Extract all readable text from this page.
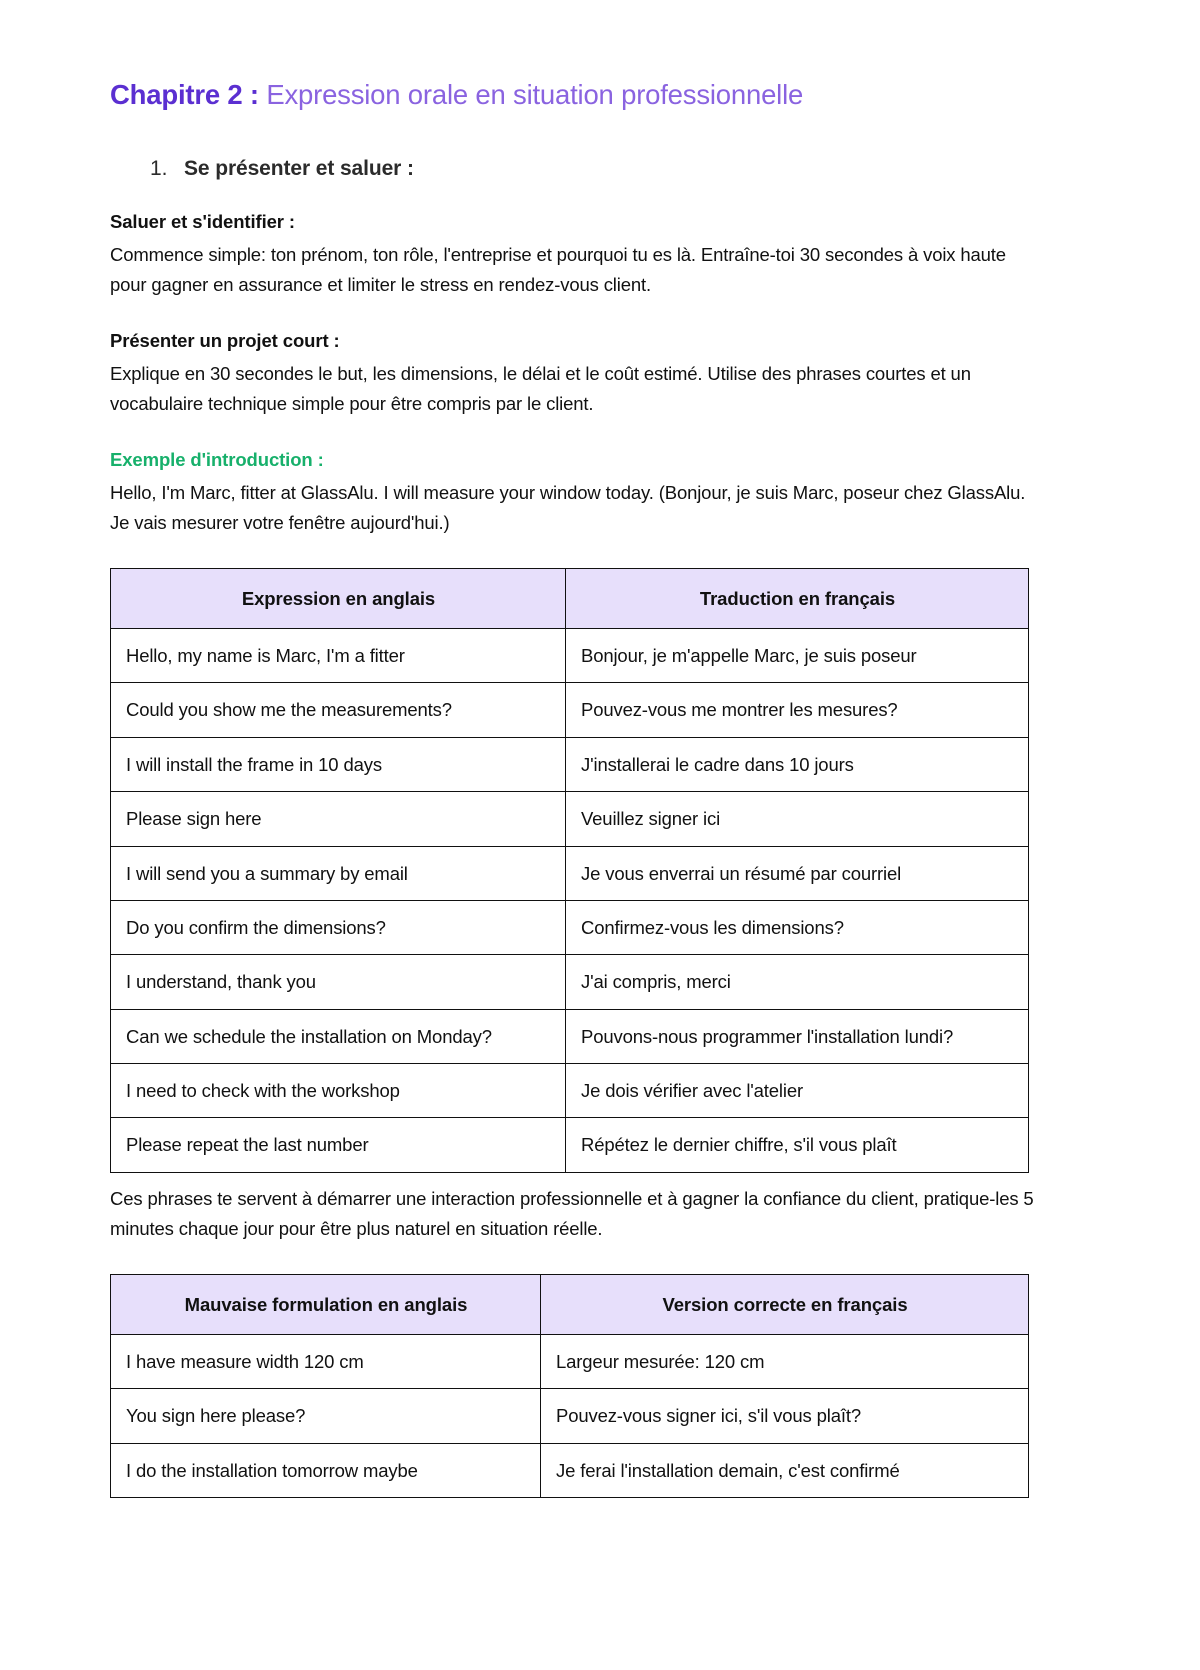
Chapitre 2 : Expression orale en situation professionnelle
1. Se présenter et saluer :
Saluer et s'identifier :

Commence simple: ton prénom, ton rôle, l'entreprise et pourquoi tu es là. Entraîne-toi 30 secondes à voix haute pour gagner en assurance et limiter le stress en rendez-vous client.

Présenter un projet court :

Explique en 30 secondes le but, les dimensions, le délai et le coût estimé. Utilise des phrases courtes et un vocabulaire technique simple pour être compris par le client.

Exemple d'introduction :

Hello, I'm Marc, fitter at GlassAlu. I will measure your window today. (Bonjour, je suis Marc, poseur chez GlassAlu. Je vais mesurer votre fenêtre aujourd'hui.)

Expression en anglais	Traduction en français
Hello, my name is Marc, I'm a fitter	Bonjour, je m'appelle Marc, je suis poseur
Could you show me the measurements?	Pouvez-vous me montrer les mesures?
I will install the frame in 10 days	J'installerai le cadre dans 10 jours
Please sign here	Veuillez signer ici
I will send you a summary by email	Je vous enverrai un résumé par courriel
Do you confirm the dimensions?	Confirmez-vous les dimensions?
I understand, thank you	J'ai compris, merci
Can we schedule the installation on Monday?	Pouvons-nous programmer l'installation lundi?
I need to check with the workshop	Je dois vérifier avec l'atelier
Please repeat the last number	Répétez le dernier chiffre, s'il vous plaît

Ces phrases te servent à démarrer une interaction professionnelle et à gagner la confiance du client, pratique-les 5 minutes chaque jour pour être plus naturel en situation réelle.

Mauvaise formulation en anglais	Version correcte en français
I have measure width 120 cm	Largeur mesurée: 120 cm
You sign here please?	Pouvez-vous signer ici, s'il vous plaît?
I do the installation tomorrow maybe	Je ferai l'installation demain, c'est confirmé
